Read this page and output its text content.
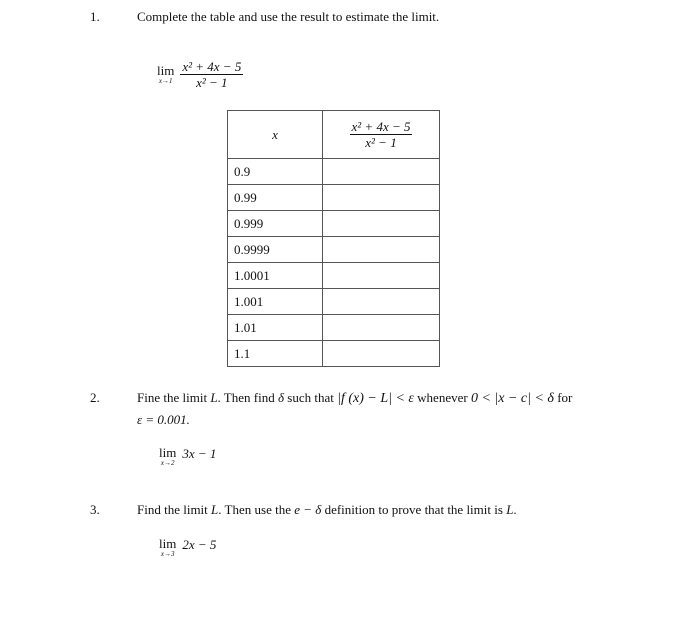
1.	Complete the table and use the result to estimate the limit.
lim
x→1
$\frac{\text{x² + 4x − 5}}{\text{x² − 1}}$
x	$\frac{\text{x² + 4x − 5}}{\text{x² − 1}}$

0.9	
0.99	
0.999	
0.9999	
1.0001	
1.001	
1.01	
1.1	
2.	Fine the limit L. Then find δ such that |f (x) − L| < ε whenever 0 < |x − c| < δ for
ε = 0.001.
lim
x→2
$^{3x - 1}$
3.	Find the limit L. Then use the e − δ definition to prove that the limit is L.
lim
x→3
$^{2x - 5}$
